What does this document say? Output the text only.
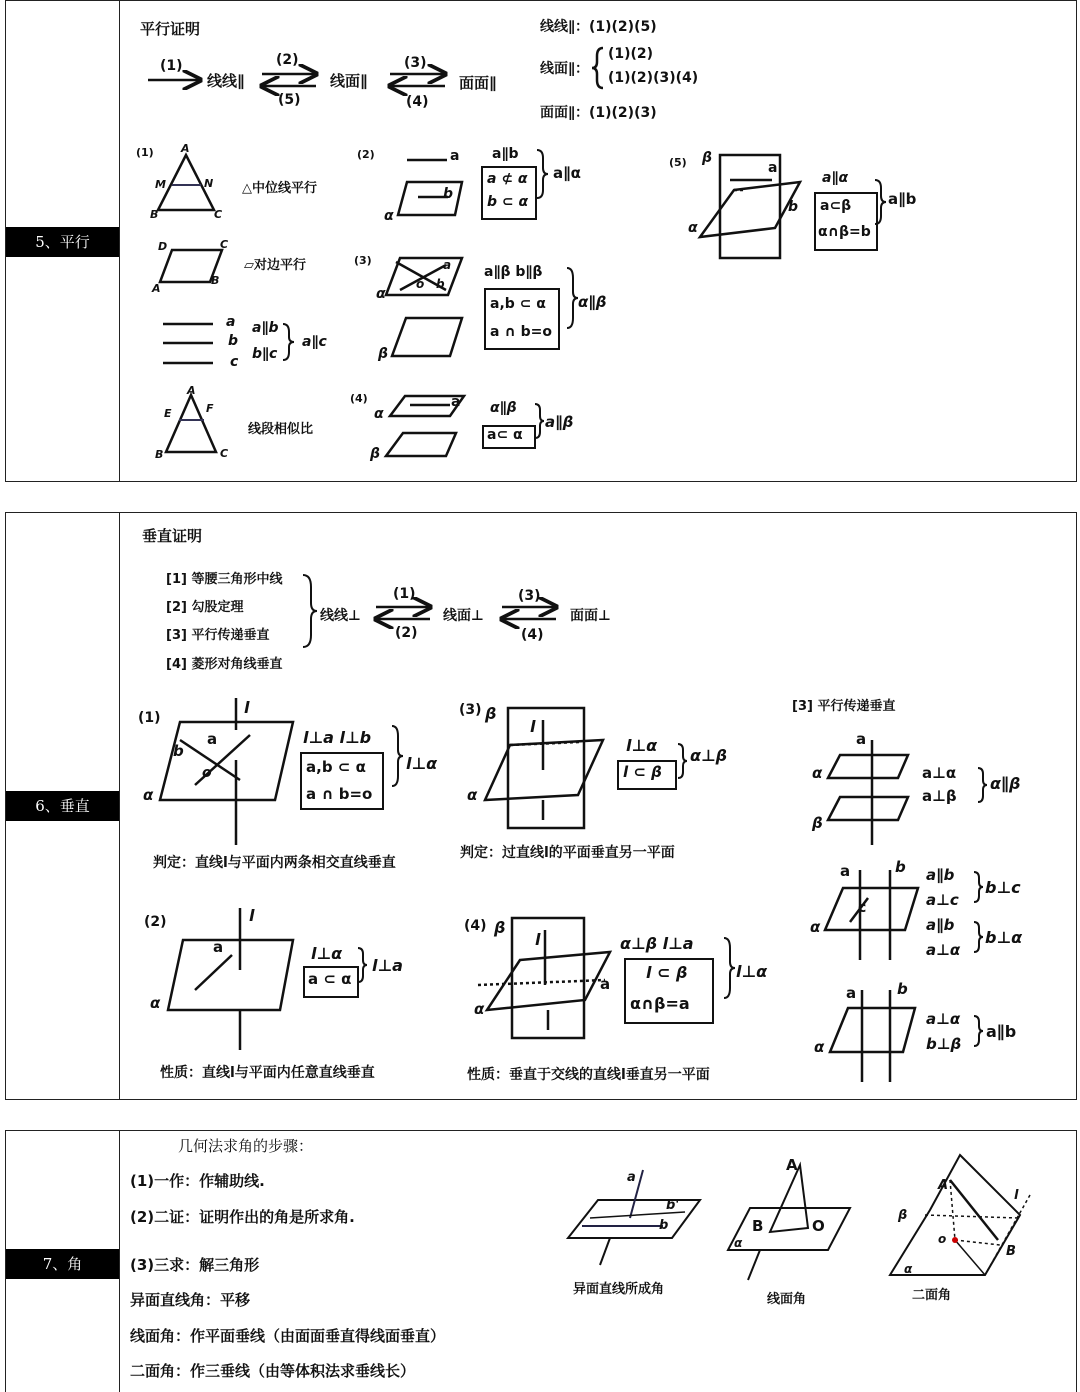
5、平行
平行证明
(1)
线线∥
(2)
(5)
线面∥
(3)
(4)
面面∥
线线∥：(1)(2)(5)
线面∥：
(1)(2)
(1)(2)(3)(4)
面面∥：(1)(2)(3)
(1) A
M	N
B	C
△中位线平行
D	C
A
B
▱对边平行
a
b
c
a∥b
b∥c
a∥c
A
E	F
B	C
线段相似比
(2)	a
b
α
a∥b
a ⊄ α
b ⊂ α
a∥α
(3)	a
o b
α
β
a∥β b∥β
a,b ⊂ α
a ∩ b=o
α∥β
(4)	a
α
β
α∥β
a⊂ α
a∥β
(5) β
a
b
α
a∥α
a⊂β
α∩β=b
a∥b
6、垂直
垂直证明
[1] 等腰三角形中线
[2] 勾股定理
[3] 平行传递垂直
[4] 菱形对角线垂直
线线⊥
(1)
(2)
线面⊥
(3)
(4)
面面⊥
(1)
l
a
b
o
α
l⊥a l⊥b
a,b ⊂ α
a ∩ b=o
l⊥α
判定：直线l与平面内两条相交直线垂直
(2)	l
a
α
l⊥α
a ⊂ α
l⊥a
性质：直线l与平面内任意直线垂直
(3) β
l
α
l⊥α
l ⊂ β
α⊥β
判定：过直线l的平面垂直另一平面
(4) β
l
α
a
α⊥β l⊥a
l ⊂ β
α∩β=a
l⊥α
性质：垂直于交线的直线l垂直另一平面
[3] 平行传递垂直
a
α
β
a⊥α
a⊥β
α∥β
a	b
c
α
a∥b
a⊥c
b⊥c
a∥b
a⊥α
b⊥α
a	b
α
a⊥α
b⊥β
a∥b
7、角
几何法求角的步骤：
(1)一作：作辅助线.
(2)二证：证明作出的角是所求角.
(3)三求：解三角形
异面直线角：平移
线面角：作平面垂线（由面面垂直得线面垂直）
二面角：作三垂线（由等体积法求垂线长）
a
b'
b
异面直线所成角
A
B	O
α
线面角
A
β
l
o
B
α
二面角
